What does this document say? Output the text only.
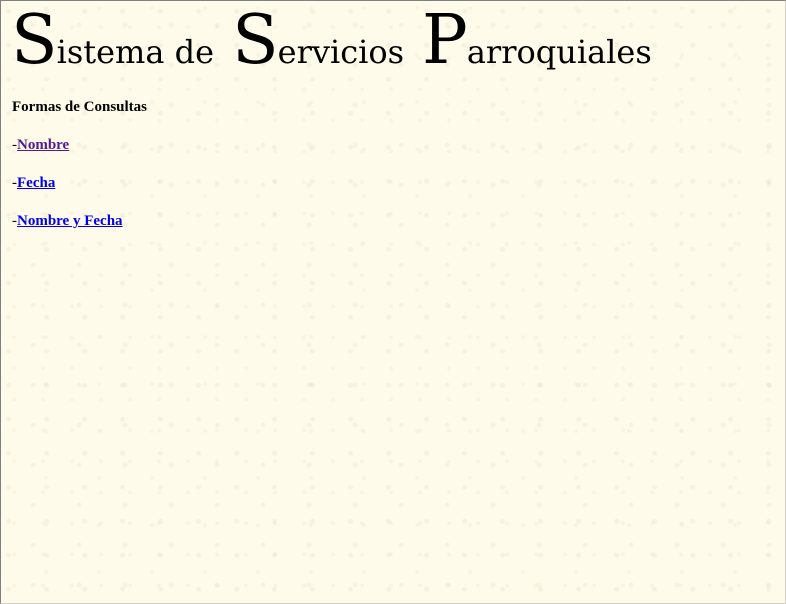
Sistema de Servicios Parroquiales

Formas de Consultas

-Nombre

-Fecha

-Nombre y Fecha
